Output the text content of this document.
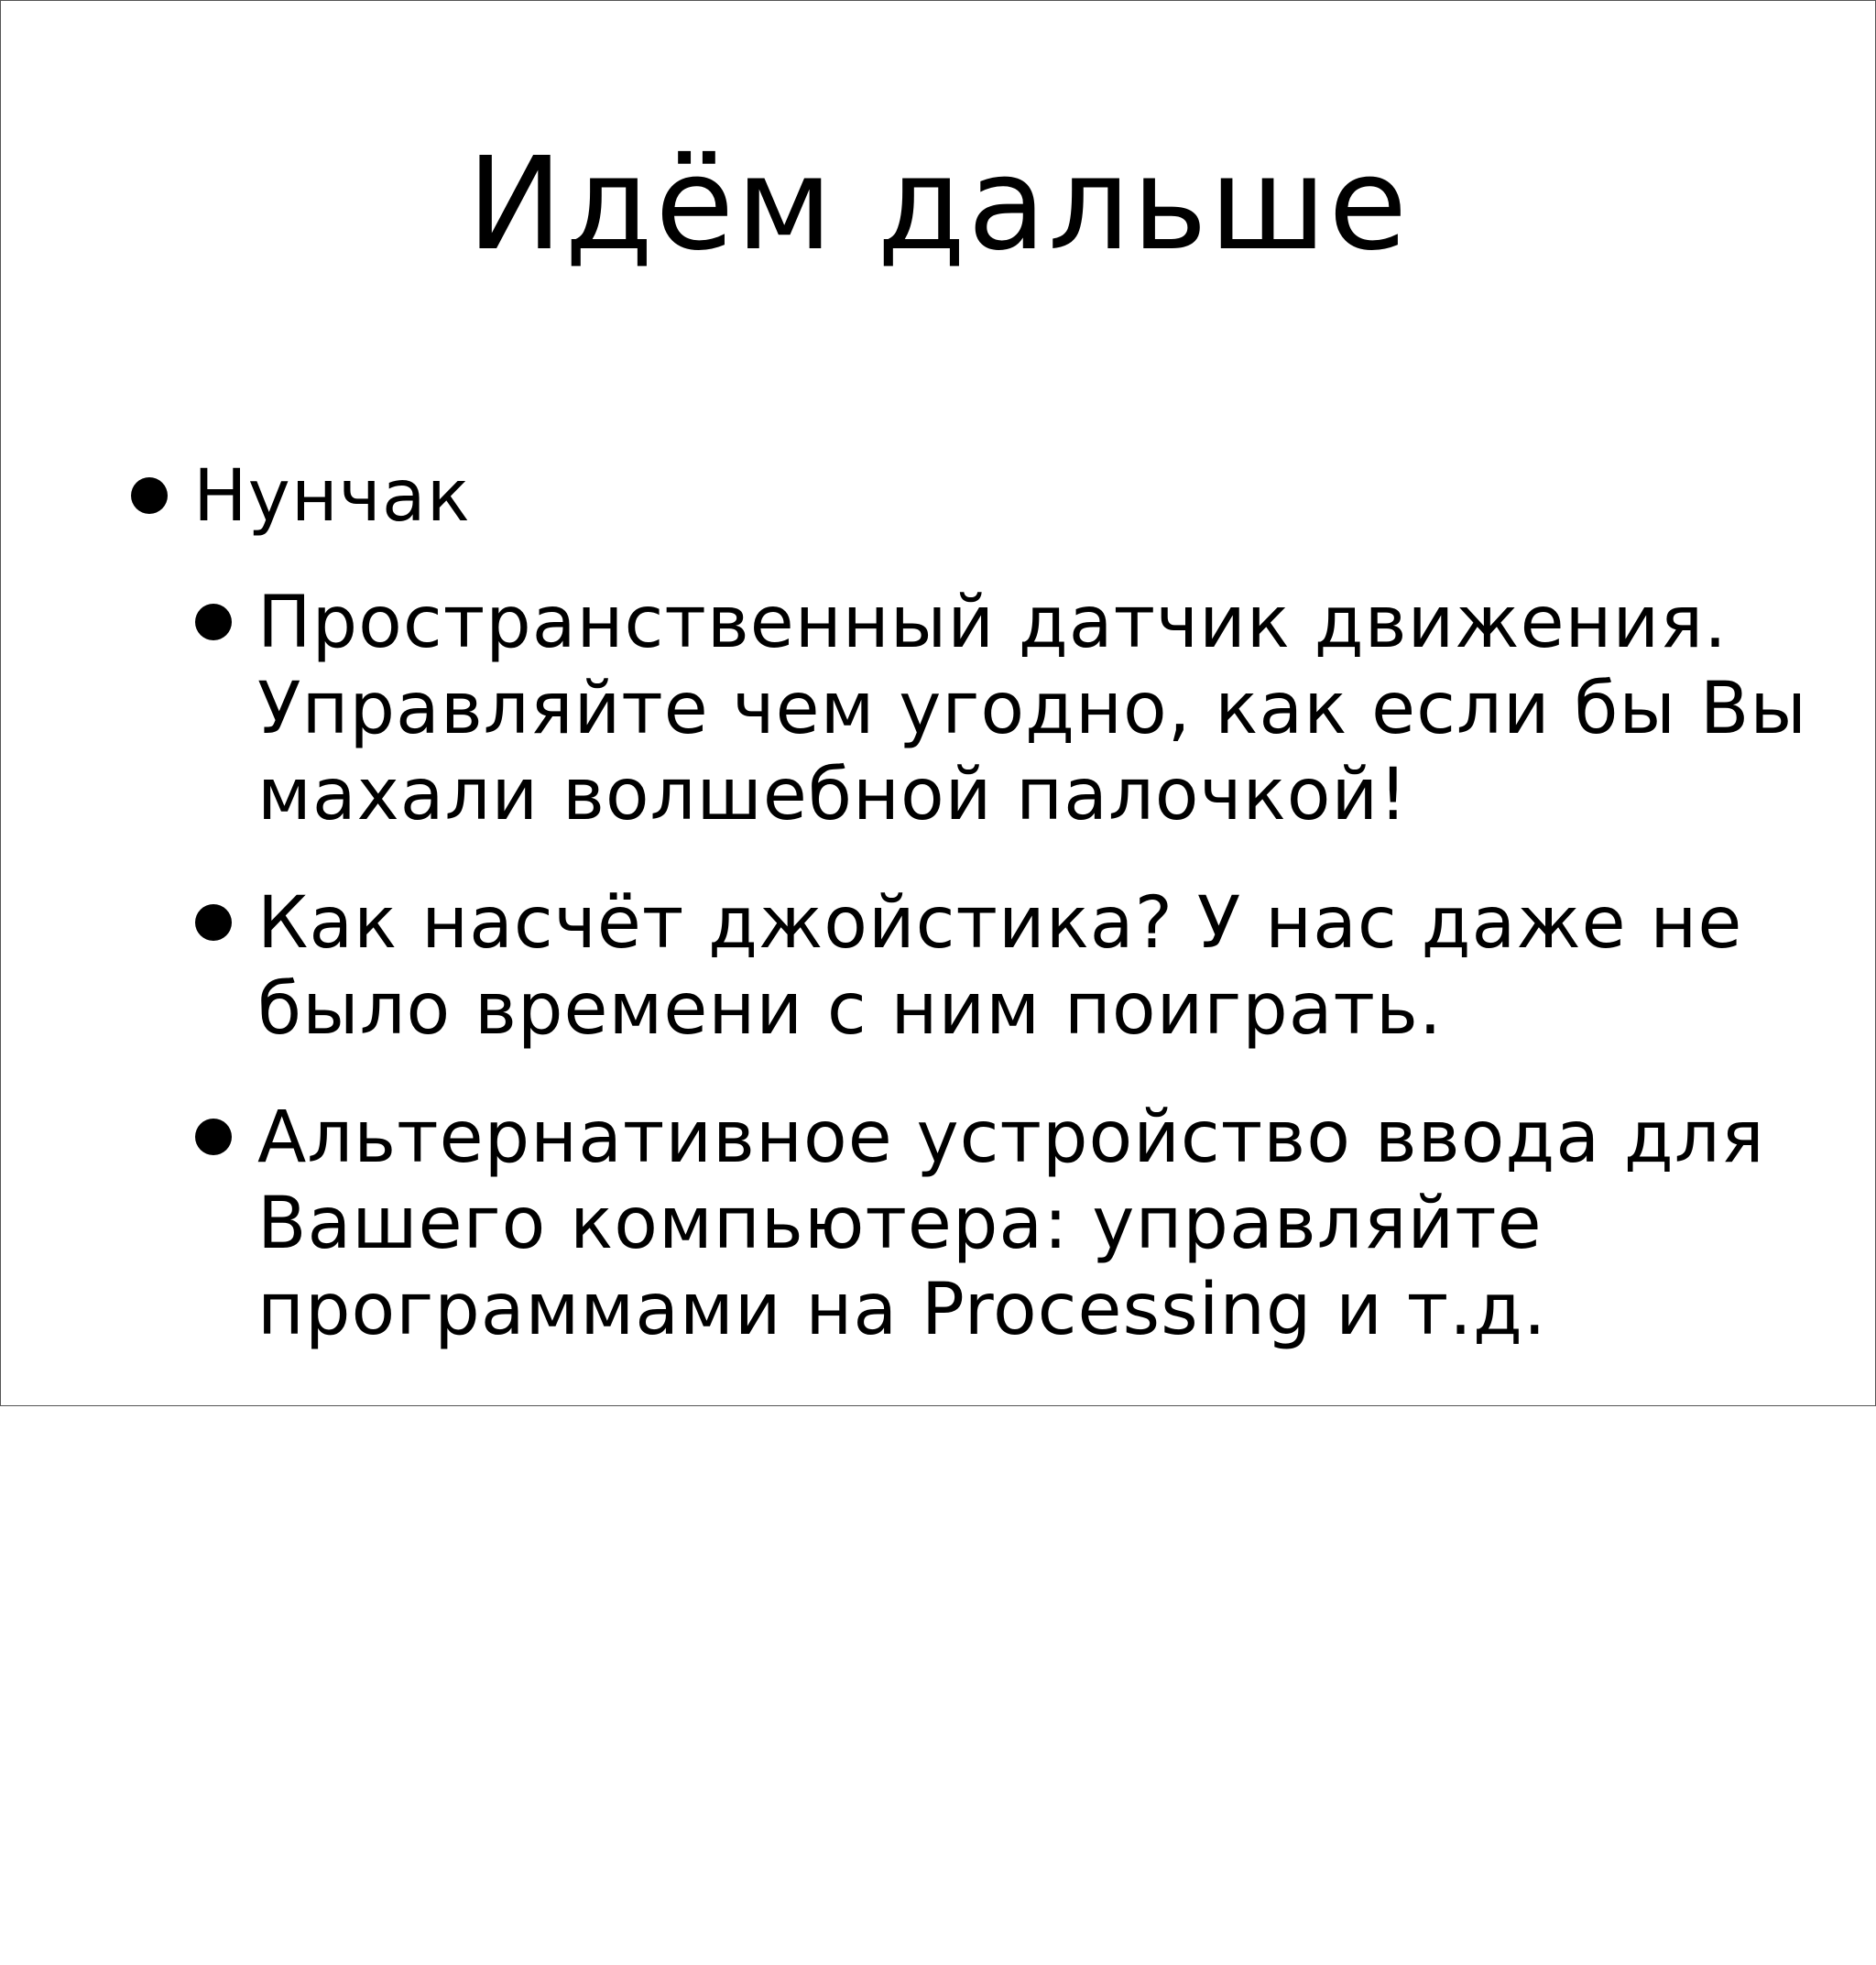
Идём дальше
Нунчак
Пространственный датчик движения. Управляйте чем угодно, как если бы Вы махали волшебной палочкой!
Как насчёт джойстика? У нас даже не было времени с ним поиграть.
Альтернативное устройство ввода для Вашего компьютера: управляйте программами на Processing и т.д.
